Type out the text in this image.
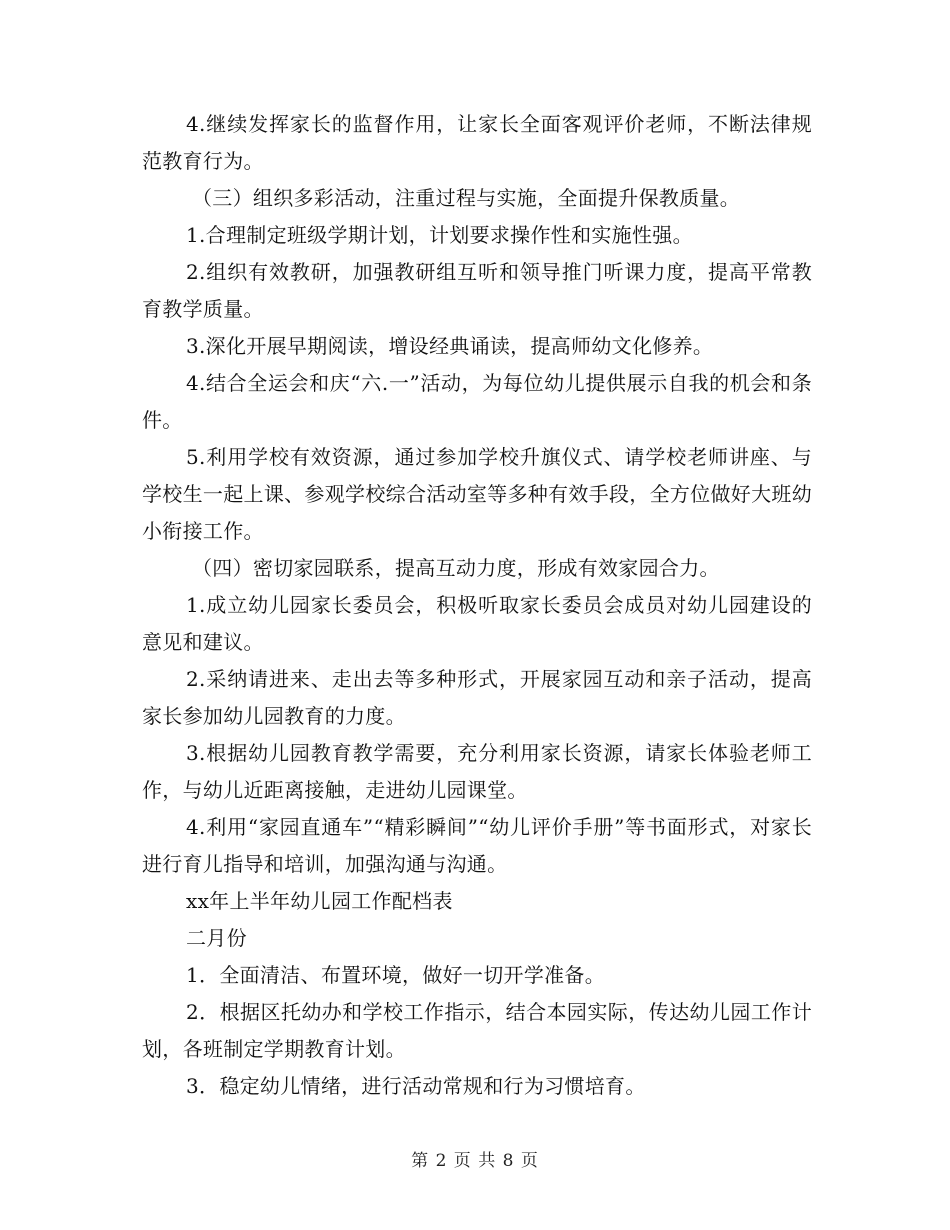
4.继续发挥家长的监督作用，让家长全面客观评价老师，不断法律规范教育行为。

（三）组织多彩活动，注重过程与实施，全面提升保教质量。

1.合理制定班级学期计划，计划要求操作性和实施性强。

2.组织有效教研，加强教研组互听和领导推门听课力度，提高平常教育教学质量。

3.深化开展早期阅读，增设经典诵读，提高师幼文化修养。

4.结合全运会和庆“六.一”活动，为每位幼儿提供展示自我的机会和条件。

5.利用学校有效资源，通过参加学校升旗仪式、请学校老师讲座、与学校生一起上课、参观学校综合活动室等多种有效手段，全方位做好大班幼小衔接工作。

（四）密切家园联系，提高互动力度，形成有效家园合力。

1.成立幼儿园家长委员会，积极听取家长委员会成员对幼儿园建设的意见和建议。

2.采纳请进来、走出去等多种形式，开展家园互动和亲子活动，提高家长参加幼儿园教育的力度。

3.根据幼儿园教育教学需要，充分利用家长资源，请家长体验老师工作，与幼儿近距离接触，走进幼儿园课堂。

4.利用“家园直通车”“精彩瞬间”“幼儿评价手册”等书面形式，对家长进行育儿指导和培训，加强沟通与沟通。

xx年上半年幼儿园工作配档表

二月份

1．全面清洁、布置环境，做好一切开学准备。

2．根据区托幼办和学校工作指示，结合本园实际，传达幼儿园工作计划，各班制定学期教育计划。

3．稳定幼儿情绪，进行活动常规和行为习惯培育。

第 2 页 共 8 页
